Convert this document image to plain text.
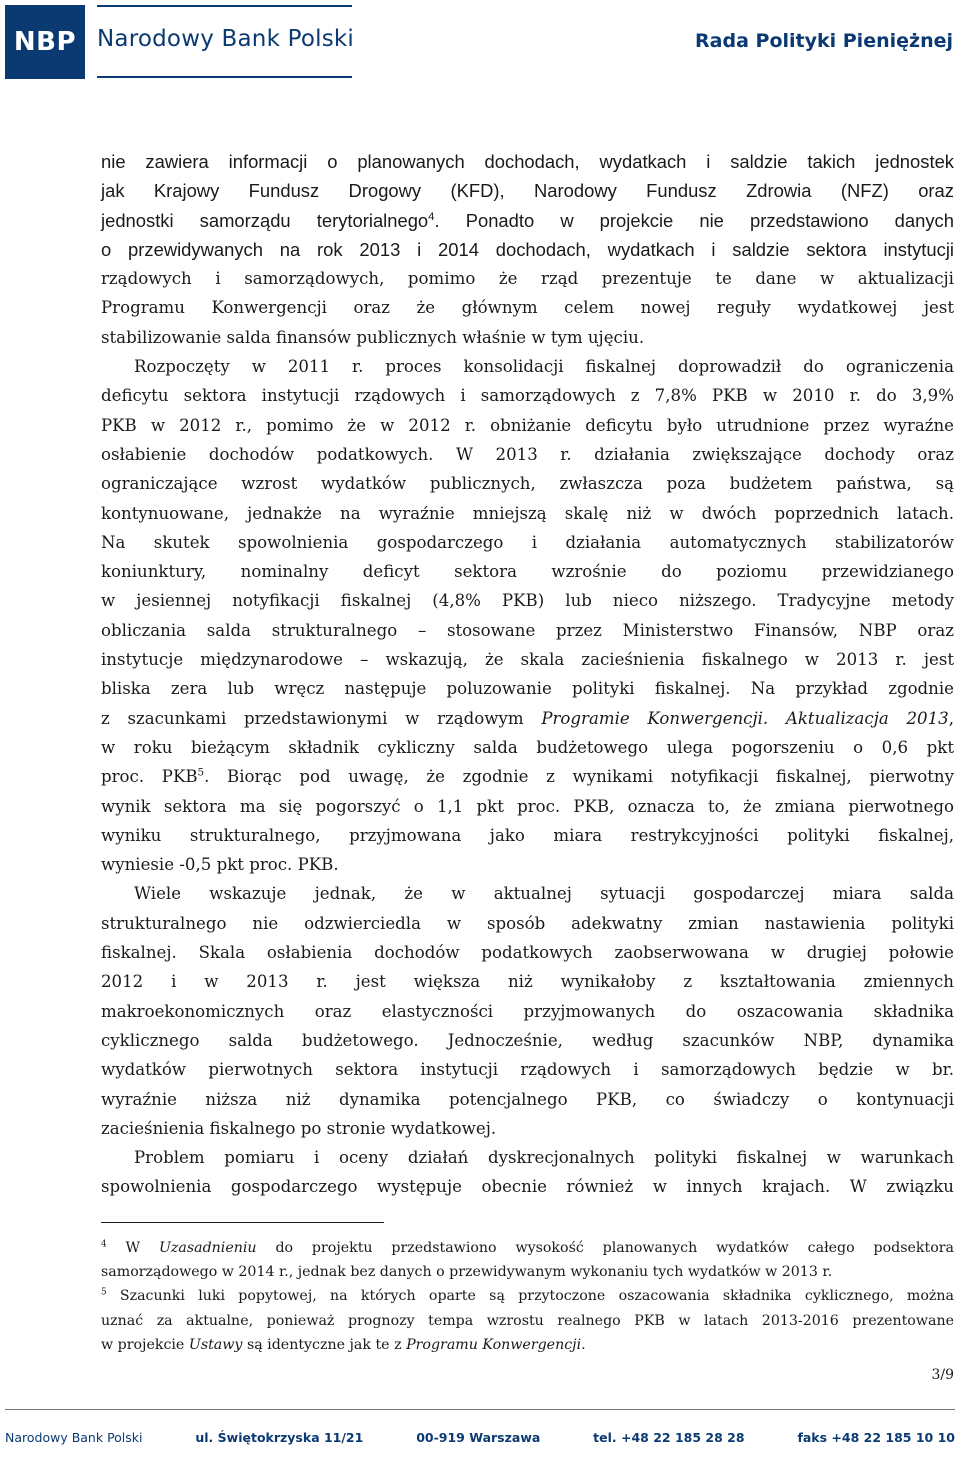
NBP Narodowy Bank Polski	Rada Polityki Pieniężnej
nie zawiera informacji o planowanych dochodach, wydatkach i saldzie takich jednostek
jak Krajowy Fundusz Drogowy (KFD), Narodowy Fundusz Zdrowia (NFZ) oraz
jednostki samorządu terytorialnego$^4$. Ponadto w projekcie nie przedstawiono danych
o przewidywanych na rok 2013 i 2014 dochodach, wydatkach i saldzie sektora instytucji
rządowych i samorządowych, pomimo że rząd prezentuje te dane w aktualizacji
Programu Konwergencji oraz że głównym celem nowej reguły wydatkowej jest
stabilizowanie salda finansów publicznych właśnie w tym ujęciu.
Rozpoczęty w 2011 r. proces konsolidacji fiskalnej doprowadził do ograniczenia
deficytu sektora instytucji rządowych i samorządowych z 7,8% PKB w 2010 r. do 3,9%
PKB w 2012 r., pomimo że w 2012 r. obniżanie deficytu było utrudnione przez wyraźne
osłabienie dochodów podatkowych. W 2013 r. działania zwiększające dochody oraz
ograniczające wzrost wydatków publicznych, zwłaszcza poza budżetem państwa, są
kontynuowane, jednakże na wyraźnie mniejszą skalę niż w dwóch poprzednich latach.
Na skutek spowolnienia gospodarczego i działania automatycznych stabilizatorów
koniunktury, nominalny deficyt sektora wzrośnie do poziomu przewidzianego
w jesiennej notyfikacji fiskalnej (4,8% PKB) lub nieco niższego. Tradycyjne metody
obliczania salda strukturalnego – stosowane przez Ministerstwo Finansów, NBP oraz
instytucje międzynarodowe – wskazują, że skala zacieśnienia fiskalnego w 2013 r. jest
bliska zera lub wręcz następuje poluzowanie polityki fiskalnej. Na przykład zgodnie
z szacunkami przedstawionymi w rządowym Programie Konwergencji. Aktualizacja 2013,
w roku bieżącym składnik cykliczny salda budżetowego ulega pogorszeniu o 0,6 pkt
proc. PKB$^5$. Biorąc pod uwagę, że zgodnie z wynikami notyfikacji fiskalnej, pierwotny
wynik sektora ma się pogorszyć o 1,1 pkt proc. PKB, oznacza to, że zmiana pierwotnego
wyniku strukturalnego, przyjmowana jako miara restrykcyjności polityki fiskalnej,
wyniesie -0,5 pkt proc. PKB.
Wiele wskazuje jednak, że w aktualnej sytuacji gospodarczej miara salda
strukturalnego nie odzwierciedla w sposób adekwatny zmian nastawienia polityki
fiskalnej. Skala osłabienia dochodów podatkowych zaobserwowana w drugiej połowie
2012 i w 2013 r. jest większa niż wynikałoby z kształtowania zmiennych
makroekonomicznych oraz elastyczności przyjmowanych do oszacowania składnika
cyklicznego salda budżetowego. Jednocześnie, według szacunków NBP, dynamika
wydatków pierwotnych sektora instytucji rządowych i samorządowych będzie w br.
wyraźnie niższa niż dynamika potencjalnego PKB, co świadczy o kontynuacji
zacieśnienia fiskalnego po stronie wydatkowej.
Problem pomiaru i oceny działań dyskrecjonalnych polityki fiskalnej w warunkach
spowolnienia gospodarczego występuje obecnie również w innych krajach. W związku
$^4$ W Uzasadnieniu do projektu przedstawiono wysokość planowanych wydatków całego podsektora
samorządowego w 2014 r., jednak bez danych o przewidywanym wykonaniu tych wydatków w 2013 r.
$^5$ Szacunki luki popytowej, na których oparte są przytoczone oszacowania składnika cyklicznego, można
uznać za aktualne, ponieważ prognozy tempa wzrostu realnego PKB w latach 2013-2016 prezentowane
w projekcie Ustawy są identyczne jak te z Programu Konwergencji.
3/9
Narodowy Bank Polski	ul. Świętokrzyska 11/21	00-919 Warszawa	tel. +48 22 185 28 28	faks +48 22 185 10 10
